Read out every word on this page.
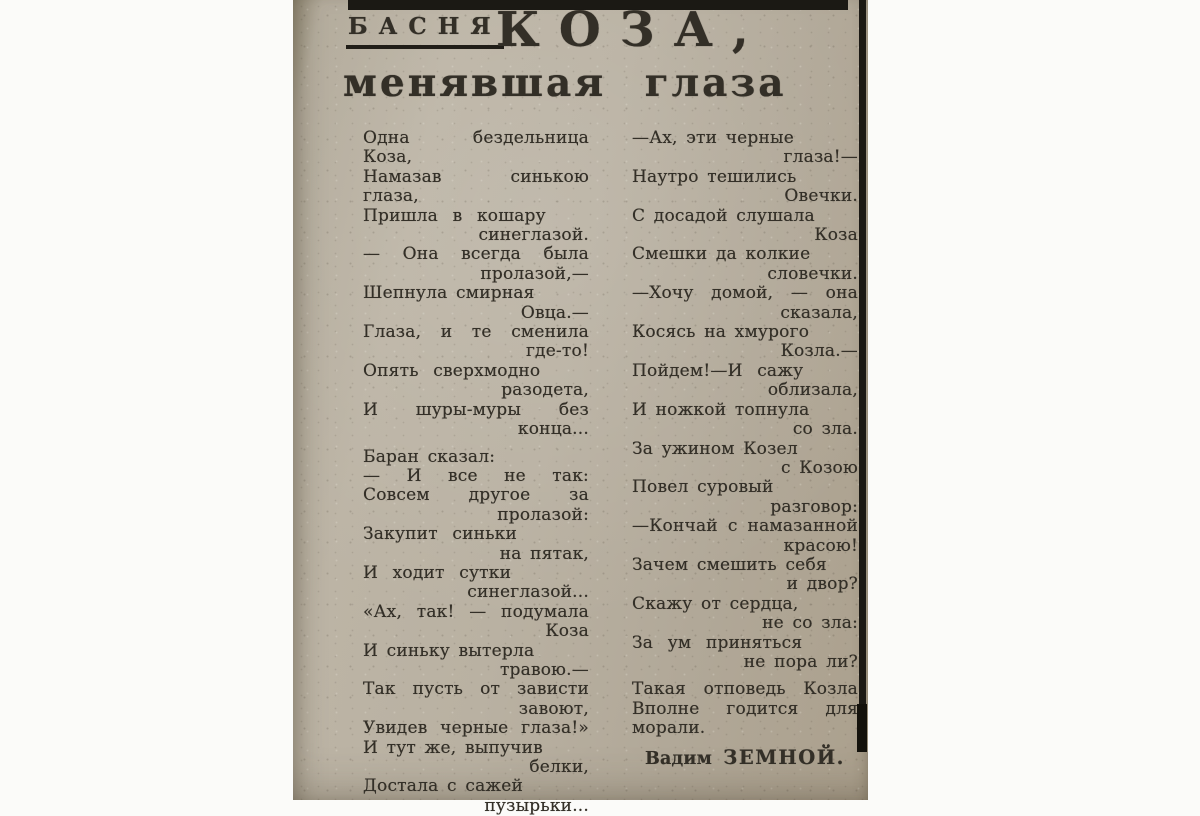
БАСНЯ
КОЗА,
менявшая глаза
Одна бездельница Коза,
Намазав синькою глаза,
Пришла в кошару
синеглазой.
— Она всегда была
пролазой,—
Шепнула смирная
Овца.—
Глаза, и те сменила
где-то!
Опять сверхмодно
разодета,
И шуры-муры без
конца...
Баран сказал:
— И все не так:
Совсем другое за
пролазой:
Закупит синьки
на пятак,
И ходит сутки
синеглазой...
«Ах, так! — подумала
Коза
И синьку вытерла
травою.—
Так пусть от зависти
завоют,
Увидев черные глаза!»
И тут же, выпучив
белки,
Достала с сажей
пузырьки...
—Ах, эти черные
глаза!—
Наутро тешились
Овечки.
С досадой слушала
Коза
Смешки да колкие
словечки.
—Хочу домой, — она
сказала,
Косясь на хмурого
Козла.—
Пойдем!—И сажу
облизала,
И ножкой топнула
со зла.
За ужином Козел
с Козою
Повел суровый
разговор:
—Кончай с намазанной
красою!
Зачем смешить себя
и двор?
Скажу от сердца,
не со зла:
За ум приняться
не пора ли?
Такая отповедь Козла
Вполне годится для
морали.
Вадим ЗЕМНОЙ.
